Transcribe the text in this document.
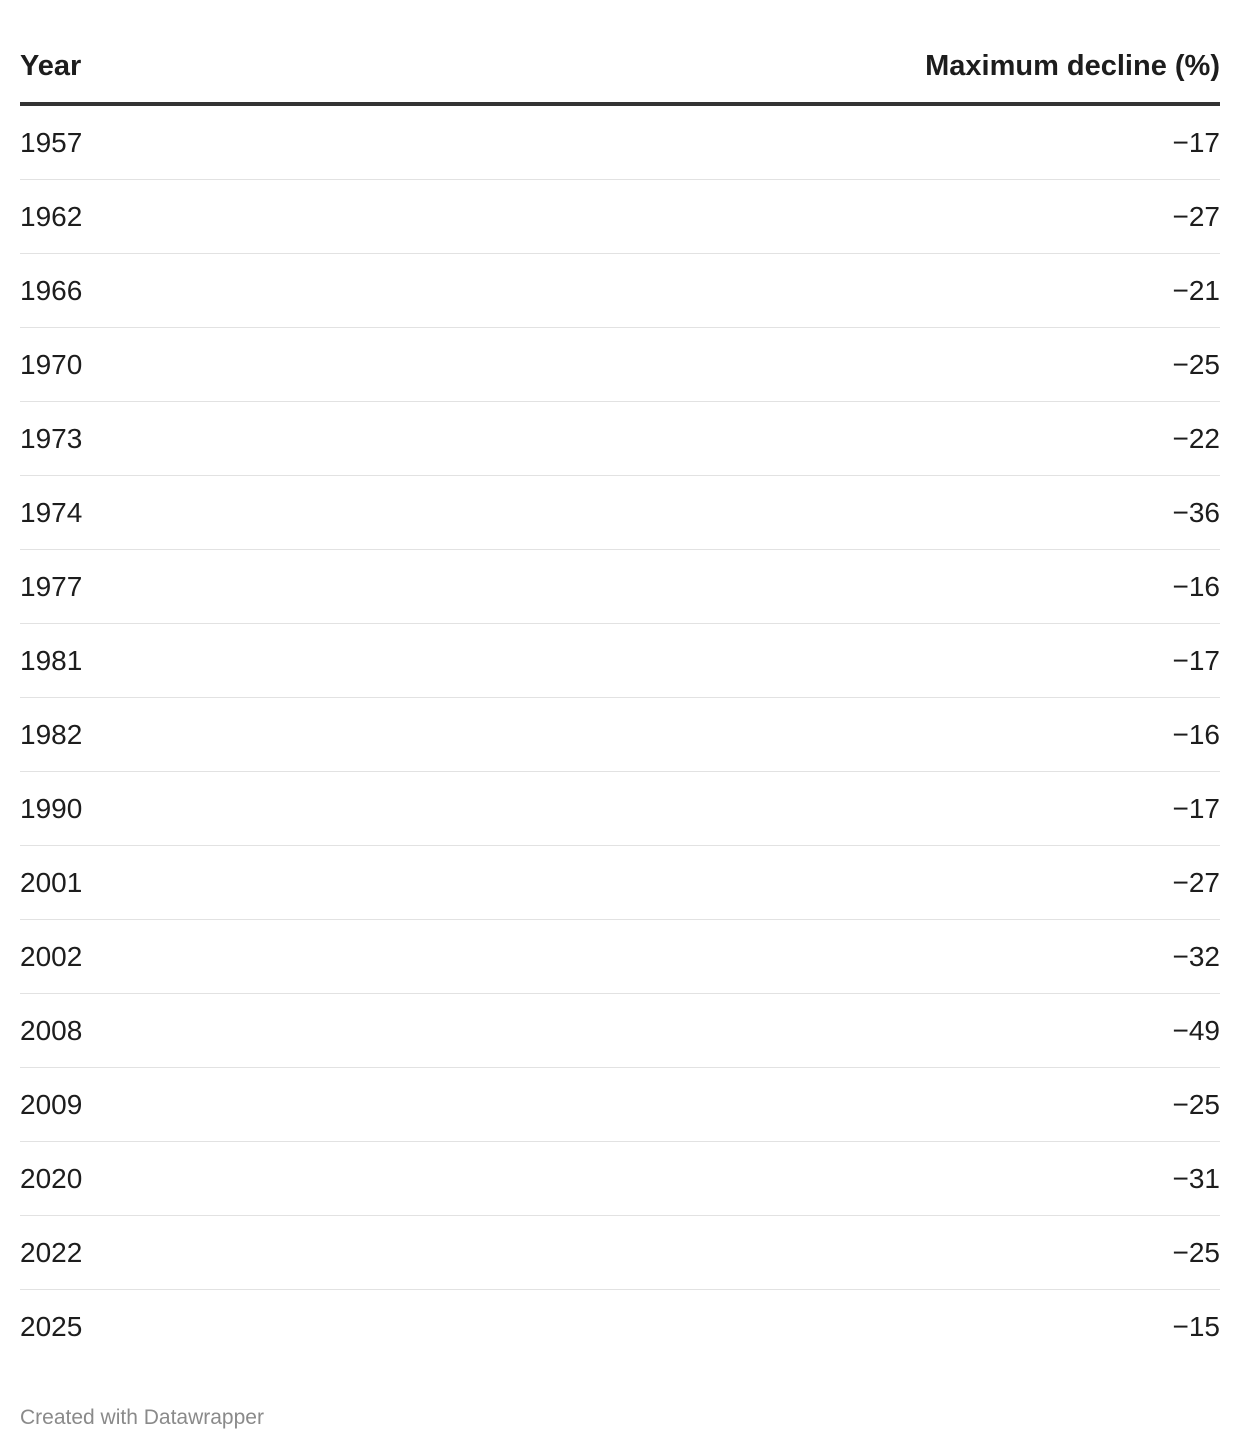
Year	Maximum decline (%)
1957	−17
1962	−27
1966	−21
1970	−25
1973	−22
1974	−36
1977	−16
1981	−17
1982	−16
1990	−17
2001	−27
2002	−32
2008	−49
2009	−25
2020	−31
2022	−25
2025	−15
Created with Datawrapper
